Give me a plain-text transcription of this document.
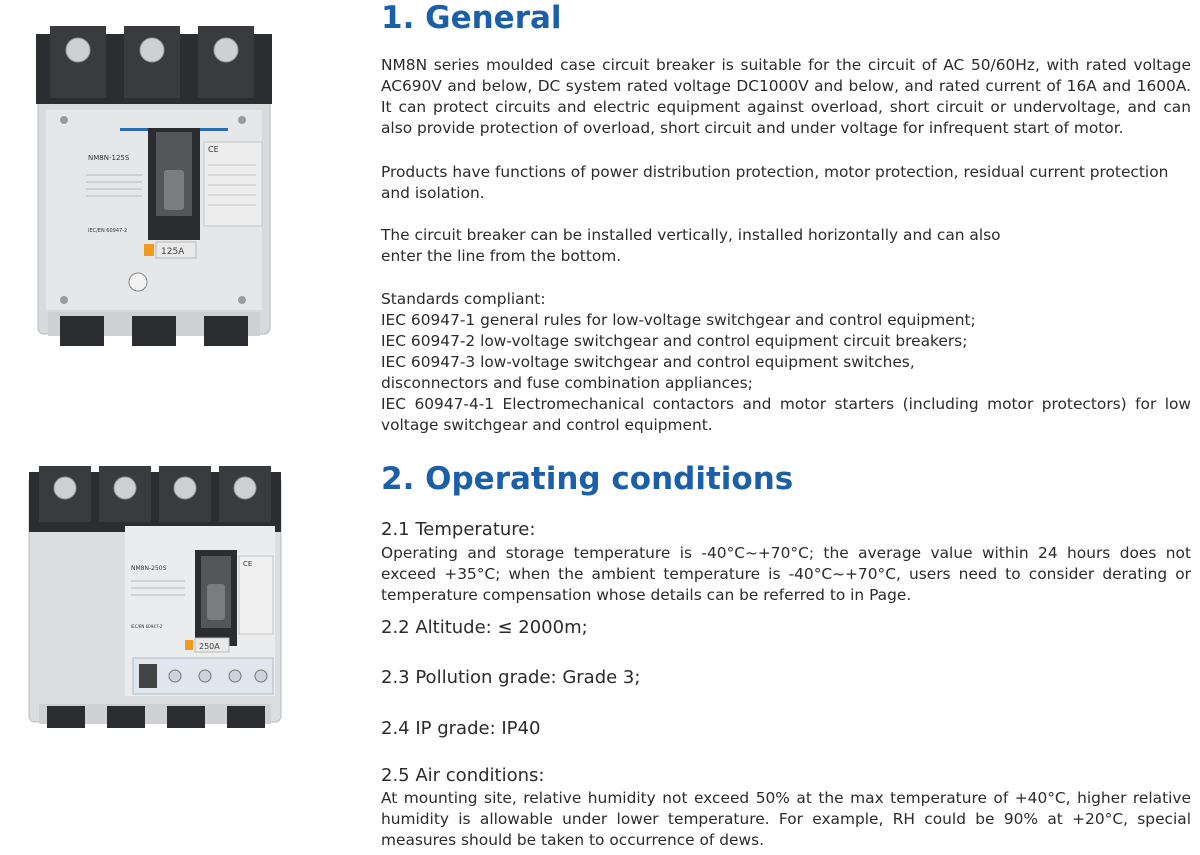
CE
NM8N-125S
IEC/EN 60947-2
125A
CE
NM8N-250S
IEC/EN 60947-2
250A
1. General

NM8N series moulded case circuit breaker is suitable for the circuit of AC 50/60Hz, with rated voltage AC690V and below, DC system rated voltage DC1000V and below, and rated current of 16A and 1600A. It can protect circuits and electric equipment against overload, short circuit or undervoltage, and can also provide protection of overload, short circuit and under voltage for infrequent start of motor.

Products have functions of power distribution protection, motor protection, residual current protection and isolation.

The circuit breaker can be installed vertically, installed horizontally and can also

enter the line from the bottom.

Standards compliant:

IEC 60947-1 general rules for low-voltage switchgear and control equipment;

IEC 60947-2 low-voltage switchgear and control equipment circuit breakers;

IEC 60947-3 low-voltage switchgear and control equipment switches,

disconnectors and fuse combination appliances;

IEC 60947-4-1 Electromechanical contactors and motor starters (including motor protectors) for low voltage switchgear and control equipment.

2. Operating conditions

2.1 Temperature:

Operating and storage temperature is -40°C~+70°C; the average value within 24 hours does not exceed +35°C; when the ambient temperature is -40°C~+70°C, users need to consider derating or temperature compensation whose details can be referred to in Page.

2.2 Altitude: ≤ 2000m;

2.3 Pollution grade: Grade 3;

2.4 IP grade: IP40

2.5 Air conditions:

At mounting site, relative humidity not exceed 50% at the max temperature of +40°C, higher relative humidity is allowable under lower temperature. For example, RH could be 90% at +20°C, special measures should be taken to occurrence of dews.
